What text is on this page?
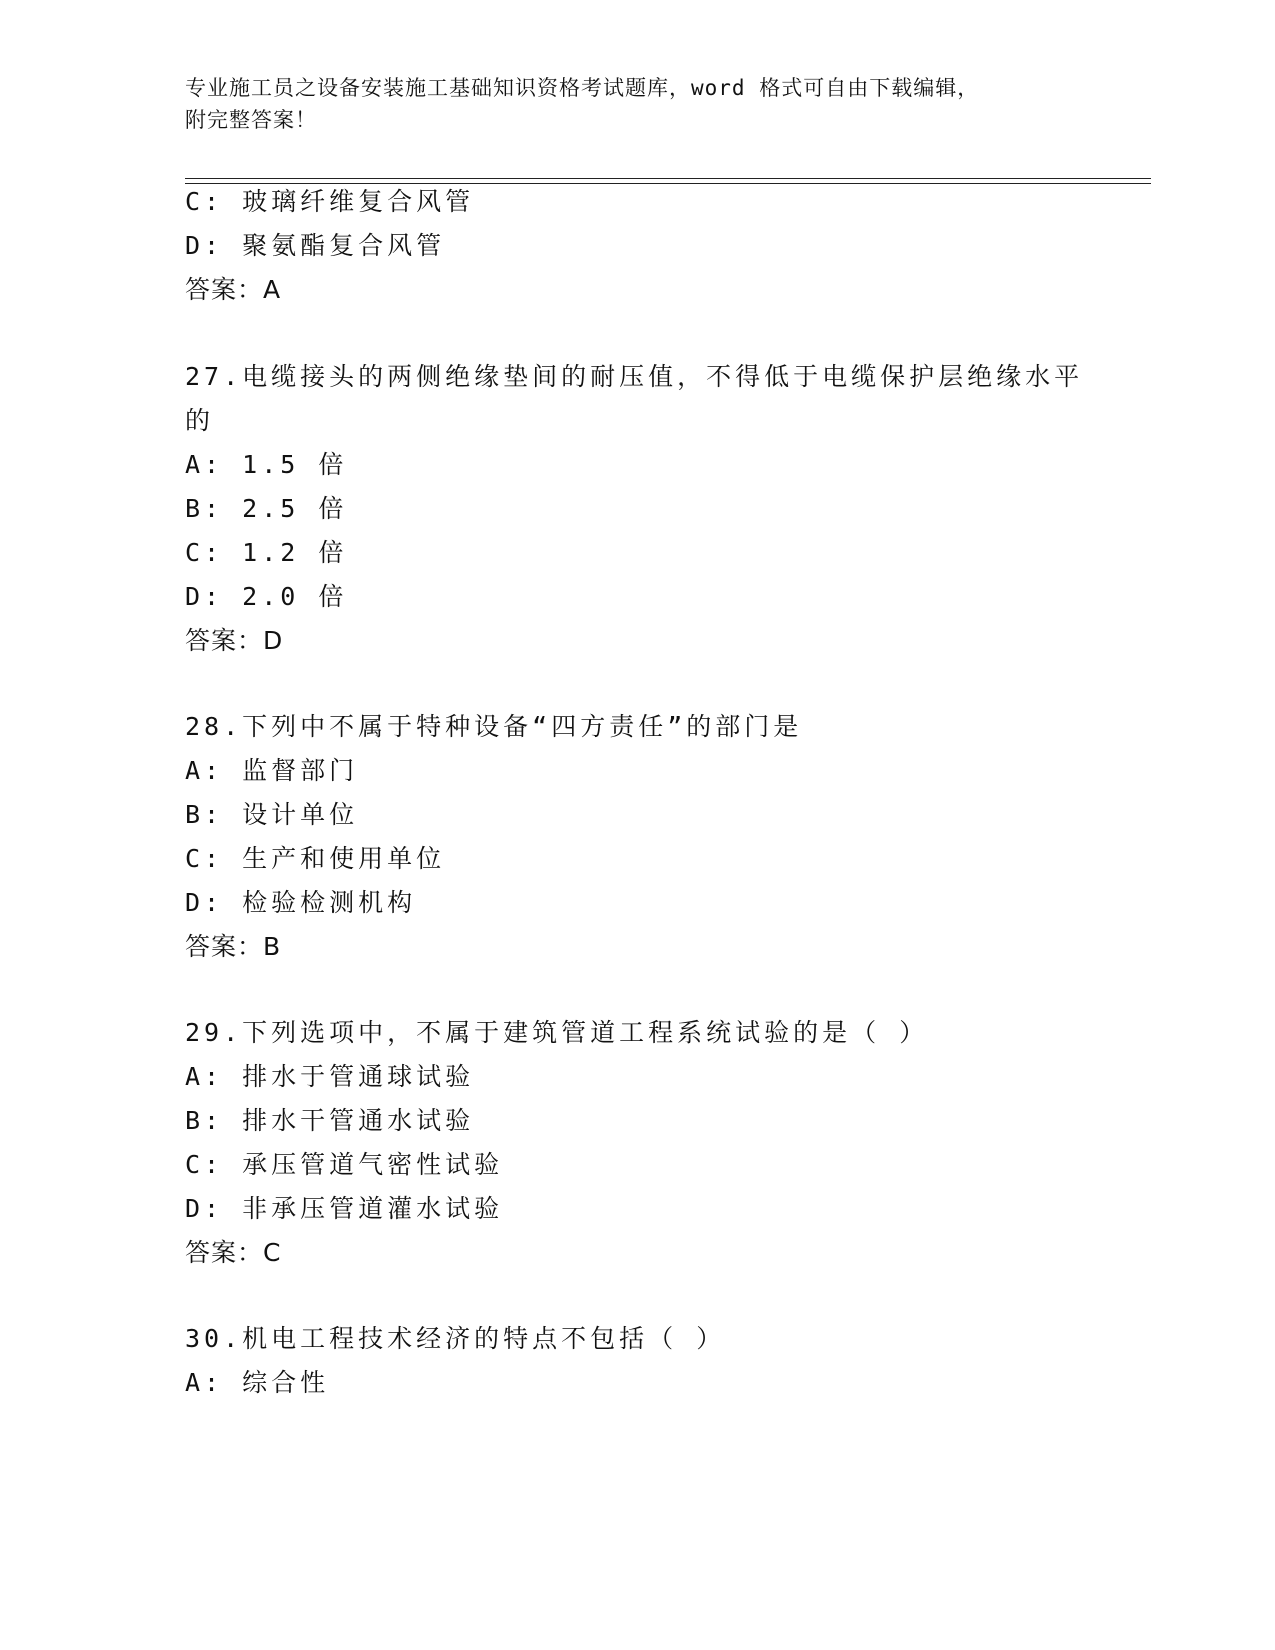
专业施工员之设备安装施工基础知识资格考试题库，word 格式可自由下载编辑，
附完整答案！
C: 玻璃纤维复合风管
D: 聚氨酯复合风管
答案：A
27.电缆接头的两侧绝缘垫间的耐压值，不得低于电缆保护层绝缘水平
的
A: 1.5 倍
B: 2.5 倍
C: 1.2 倍
D: 2.0 倍
答案：D
28.下列中不属于特种设备“四方责任”的部门是
A: 监督部门
B: 设计单位
C: 生产和使用单位
D: 检验检测机构
答案：B
29.下列选项中，不属于建筑管道工程系统试验的是（ ）
A: 排水于管通球试验
B: 排水干管通水试验
C: 承压管道气密性试验
D: 非承压管道灌水试验
答案：C
30.机电工程技术经济的特点不包括（ ）
A: 综合性
